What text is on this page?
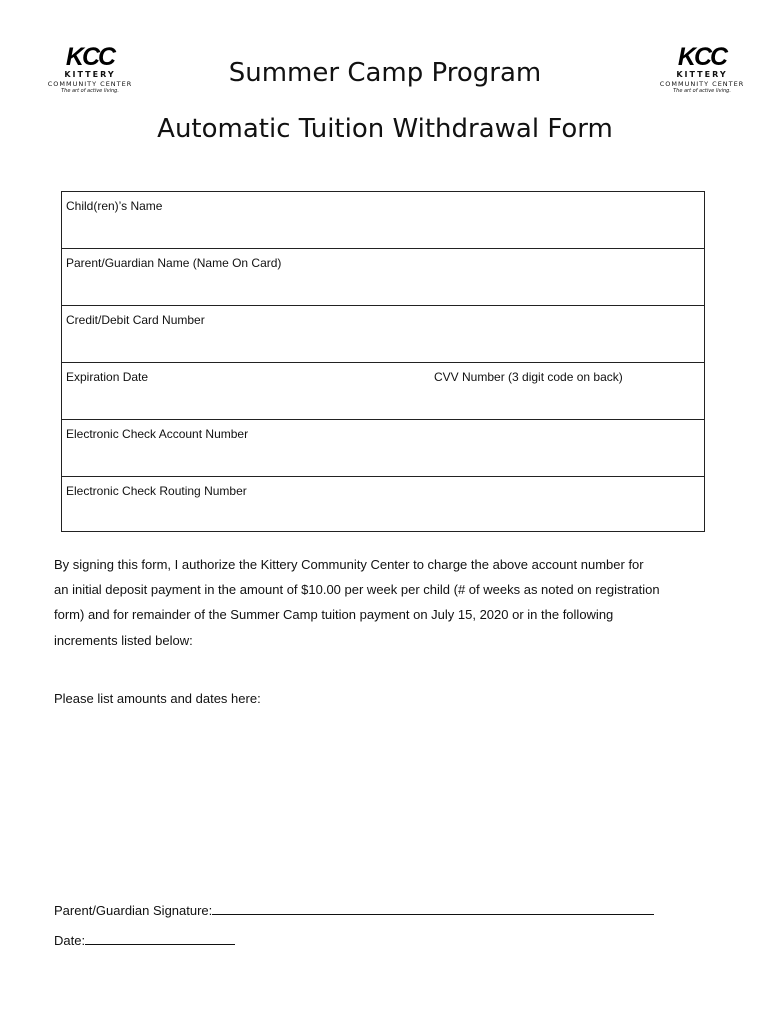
KCC
KITTERY
COMMUNITY CENTER
The art of active living.
KCC
KITTERY
COMMUNITY CENTER
The art of active living.
Summer Camp Program
Automatic Tuition Withdrawal Form
Child(ren)’s Name
Parent/Guardian Name (Name On Card)
Credit/Debit Card Number
Expiration Date	CVV Number (3 digit code on back)
Electronic Check Account Number
Electronic Check Routing Number
By signing this form, I authorize the Kittery Community Center to charge the above account number for
an initial deposit payment in the amount of $10.00 per week per child (# of weeks as noted on registration
form) and for remainder of the Summer Camp tuition payment on July 15, 2020 or in the following
increments listed below:
Please list amounts and dates here:
Parent/Guardian Signature:
Date:
